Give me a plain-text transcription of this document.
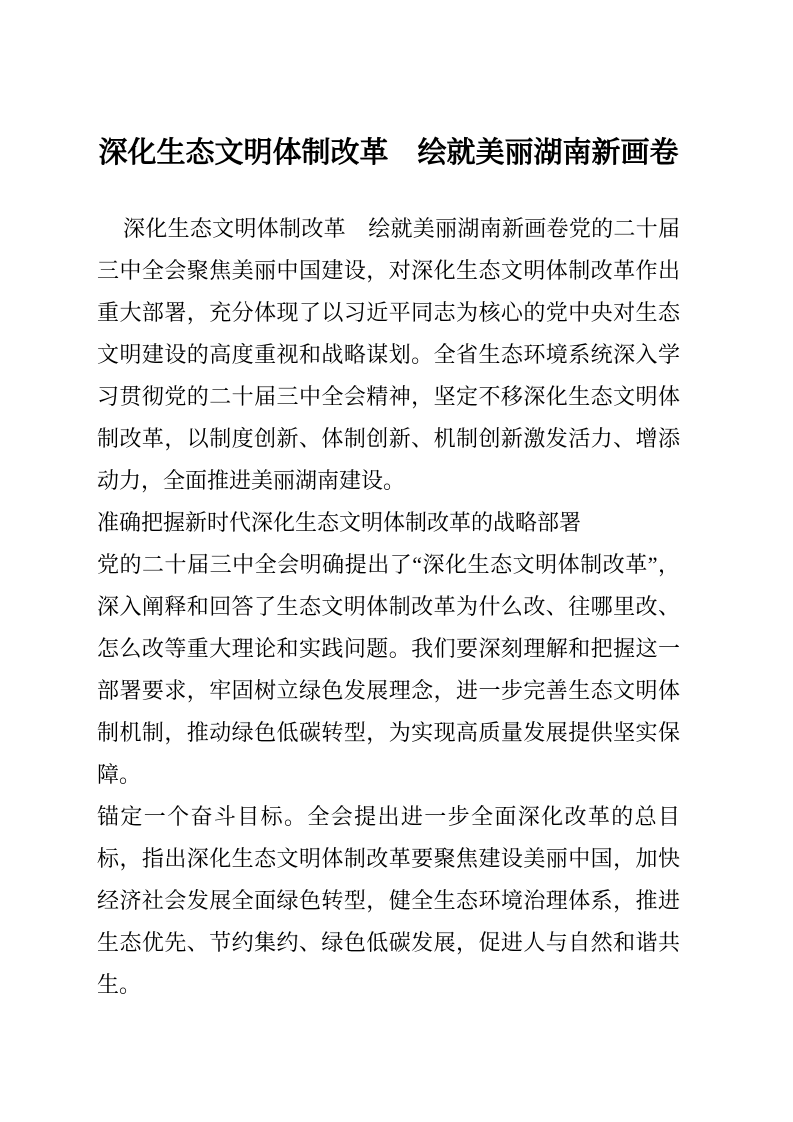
深化生态文明体制改革　绘就美丽湖南新画卷

深化生态文明体制改革　绘就美丽湖南新画卷党的二十届三中全会聚焦美丽中国建设，对深化生态文明体制改革作出重大部署，充分体现了以习近平同志为核心的党中央对生态文明建设的高度重视和战略谋划。全省生态环境系统深入学习贯彻党的二十届三中全会精神，坚定不移深化生态文明体制改革，以制度创新、体制创新、机制创新激发活力、增添动力，全面推进美丽湖南建设。

准确把握新时代深化生态文明体制改革的战略部署

党的二十届三中全会明确提出了“深化生态文明体制改革”，深入阐释和回答了生态文明体制改革为什么改、往哪里改、怎么改等重大理论和实践问题。我们要深刻理解和把握这一部署要求，牢固树立绿色发展理念，进一步完善生态文明体制机制，推动绿色低碳转型，为实现高质量发展提供坚实保障。

锚定一个奋斗目标。全会提出进一步全面深化改革的总目标，指出深化生态文明体制改革要聚焦建设美丽中国，加快经济社会发展全面绿色转型，健全生态环境治理体系，推进生态优先、节约集约、绿色低碳发展，促进人与自然和谐共生。
